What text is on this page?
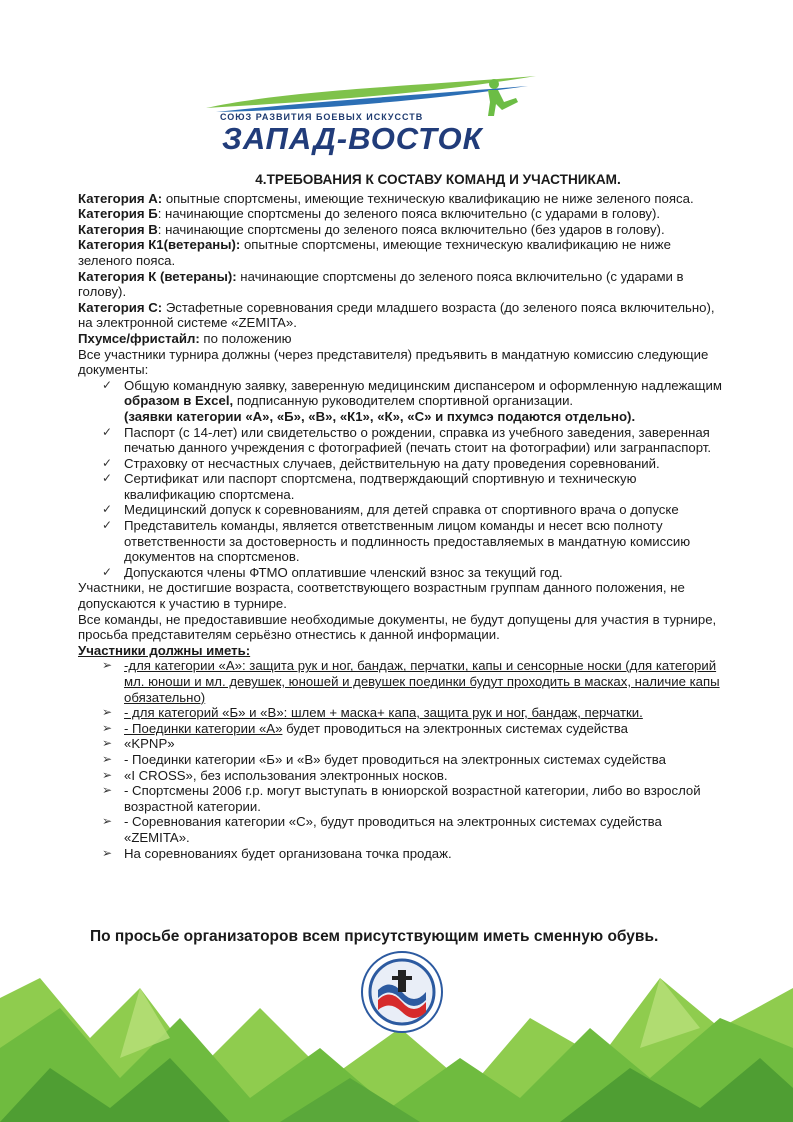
СОЮЗ РАЗВИТИЯ БОЕВЫХ ИСКУССТВ
ЗАПАД-ВОСТОК

4.ТРЕБОВАНИЯ К СОСТАВУ КОМАНД И УЧАСТНИКАМ.

Категория А: опытные спортсмены, имеющие техническую квалификацию не ниже зеленого пояса.

Категория Б: начинающие спортсмены до зеленого пояса включительно (с ударами в голову).

Категория В: начинающие спортсмены до зеленого пояса включительно (без ударов в голову).

Категория К1(ветераны): опытные спортсмены, имеющие техническую квалификацию не ниже зеленого пояса.

Категория К (ветераны): начинающие спортсмены до зеленого пояса включительно (с ударами в голову).

Категория С: Эстафетные соревнования среди младшего возраста (до зеленого пояса включительно), на электронной системе «ZEMITA».

Пхумсе/фристайл: по положению

Все участники турнира должны (через представителя) предъявить в мандатную комиссию следующие документы:

✓ Общую командную заявку, заверенную медицинским диспансером и оформленную надлежащим образом в Excel, подписанную руководителем спортивной организации.
(заявки категории «А», «Б», «В», «К1», «К», «С» и пхумсэ подаются отдельно).
✓ Паспорт (с 14-лет) или свидетельство о рождении, справка из учебного заведения, заверенная печатью данного учреждения с фотографией (печать стоит на фотографии) или загранпаспорт.
✓ Страховку от несчастных случаев, действительную на дату проведения соревнований.
✓ Сертификат или паспорт спортсмена, подтверждающий спортивную и техническую квалификацию спортсмена.
✓ Медицинский допуск к соревнованиям, для детей справка от спортивного врача о допуске
✓ Представитель команды, является ответственным лицом команды и несет всю полноту ответственности за достоверность и подлинность предоставляемых в мандатную комиссию документов на спортсменов.
✓ Допускаются члены ФТМО оплатившие членский взнос за текущий год.

Участники, не достигшие возраста, соответствующего возрастным группам данного положения, не допускаются к участию в турнире.

Все команды, не предоставившие необходимые документы, не будут допущены для участия в турнире, просьба представителям серьёзно отнестись к данной информации.

Участники должны иметь:

➢ -для категории «А»: защита рук и ног, бандаж, перчатки, капы и сенсорные носки (для категорий мл. юноши и мл. девушек, юношей и девушек поединки будут проходить в масках, наличие капы обязательно)
➢ - для категорий «Б» и «В»: шлем + маска+ капа, защита рук и ног, бандаж, перчатки.
➢ - Поединки категории «А» будет проводиться на электронных системах судейства
➢ «KPNP»
➢ - Поединки категории «Б» и «В» будет проводиться на электронных системах судейства
➢ «I CROSS», без использования электронных носков.
➢ - Спортсмены 2006 г.р. могут выступать в юниорской возрастной категории, либо во взрослой возрастной категории.
➢ - Соревнования категории «С», будут проводиться на электронных системах судейства «ZEMITA».
➢ На соревнованиях будет организована точка продаж.
По просьбе организаторов всем присутствующим иметь сменную обувь.
